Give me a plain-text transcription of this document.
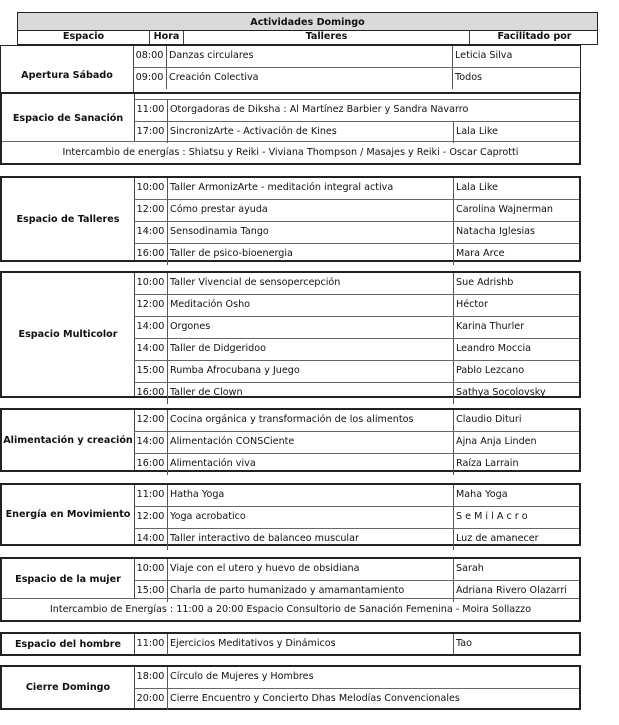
Actividades Domingo
Espacio	Hora	Talleres	Facilitado por
Apertura Sábado
08:00 Danzas circulares	Leticia Silva
09:00 Creación Colectiva	Todos
Espacio de Sanación
11:00 Otorgadoras de Diksha : Al Martínez Barbier y Sandra Navarro
17:00 SincronizArte - Activación de Kines	Lala Like
Intercambio de energías : Shiatsu y Reiki - Viviana Thompson / Masajes y Reiki - Oscar Caprotti
Espacio de Talleres
10:00 Taller ArmonizArte - meditación integral activa	Lala Like
12:00 Cómo prestar ayuda	Carolina Wajnerman
14:00 Sensodinamia Tango	Natacha Iglesias
16:00 Taller de psico-bioenergia	Mara Arce
Espacio Multicolor
10:00 Taller Vivencial de sensopercepción	Sue Adrishb
12:00 Meditación Osho	Héctor
14:00 Orgones	Karina Thurler
14:00 Taller de Didgeridoo	Leandro Moccia
15:00 Rumba Afrocubana y Juego	Pablo Lezcano
16:00 Taller de Clown	Sathya Socolovsky
Alimentación y creación
12:00 Cocina orgánica y transformación de los alimentos	Claudio Dituri
14:00 Alimentación CONSCiente	Ajna Anja Linden
16:00 Alimentación viva	Raíza Larrain
Energía en Movimiento
11:00 Hatha Yoga	Maha Yoga
12:00 Yoga acrobatico	S e M i l A c r o
14:00 Taller interactivo de balanceo muscular	Luz de amanecer
Espacio de la mujer
10:00 Viaje con el utero y huevo de obsidiana	Sarah
15:00 Charla de parto humanizado y amamantamiento	Adriana Rivero Olazarri
Intercambio de Energías : 11:00 a 20:00 Espacio Consultorio de Sanación Femenina - Moira Sollazzo
Espacio del hombre	11:00 Ejercicios Meditativos y Dinámicos	Tao
Cierre Domingo
18:00 Círculo de Mujeres y Hombres
20:00 Cierre Encuentro y Concierto Dhas Melodías Convencionales
